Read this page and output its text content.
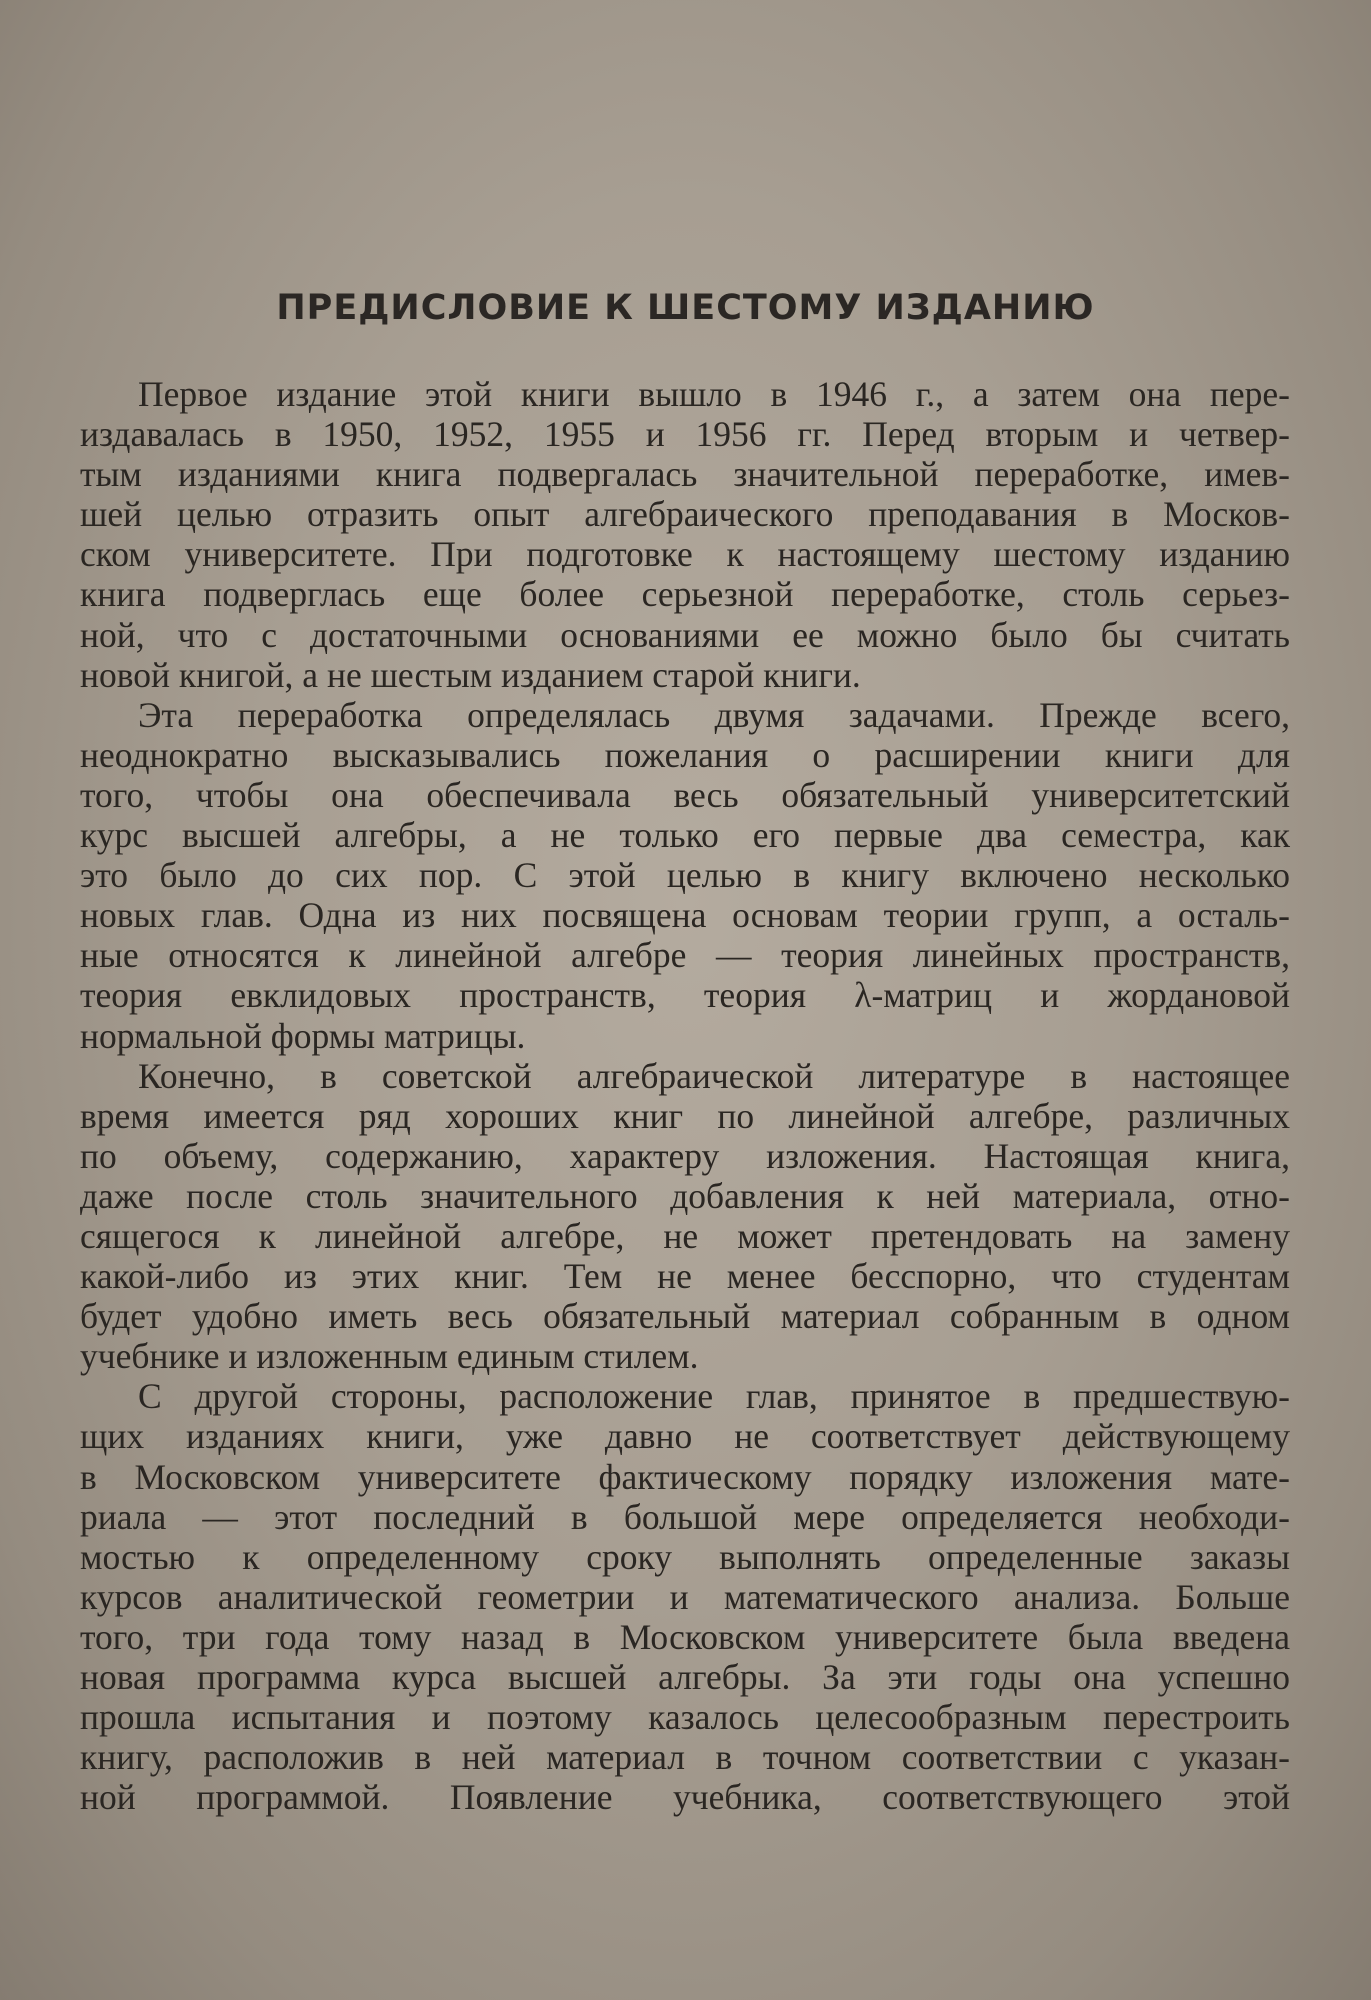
ПРЕДИСЛОВИЕ К ШЕСТОМУ ИЗДАНИЮ
Первое издание этой книги вышло в 1946 г., а затем она пере-
издавалась в 1950, 1952, 1955 и 1956 гг. Перед вторым и четвер-
тым изданиями книга подвергалась значительной переработке, имев-
шей целью отразить опыт алгебраического преподавания в Москов-
ском университете. При подготовке к настоящему шестому изданию
книга подверглась еще более серьезной переработке, столь серьез-
ной, что с достаточными основаниями ее можно было бы считать
новой книгой, а не шестым изданием старой книги.
Эта переработка определялась двумя задачами. Прежде всего,
неоднократно высказывались пожелания о расширении книги для
того, чтобы она обеспечивала весь обязательный университетский
курс высшей алгебры, а не только его первые два семестра, как
это было до сих пор. С этой целью в книгу включено несколько
новых глав. Одна из них посвящена основам теории групп, а осталь-
ные относятся к линейной алгебре — теория линейных пространств,
теория евклидовых пространств, теория λ-матриц и жордановой
нормальной формы матрицы.
Конечно, в советской алгебраической литературе в настоящее
время имеется ряд хороших книг по линейной алгебре, различных
по объему, содержанию, характеру изложения. Настоящая книга,
даже после столь значительного добавления к ней материала, отно-
сящегося к линейной алгебре, не может претендовать на замену
какой-либо из этих книг. Тем не менее бесспорно, что студентам
будет удобно иметь весь обязательный материал собранным в одном
учебнике и изложенным единым стилем.
С другой стороны, расположение глав, принятое в предшествую-
щих изданиях книги, уже давно не соответствует действующему
в Московском университете фактическому порядку изложения мате-
риала — этот последний в большой мере определяется необходи-
мостью к определенному сроку выполнять определенные заказы
курсов аналитической геометрии и математического анализа. Больше
того, три года тому назад в Московском университете была введена
новая программа курса высшей алгебры. За эти годы она успешно
прошла испытания и поэтому казалось целесообразным перестроить
книгу, расположив в ней материал в точном соответствии с указан-
ной программой. Появление учебника, соответствующего этой
